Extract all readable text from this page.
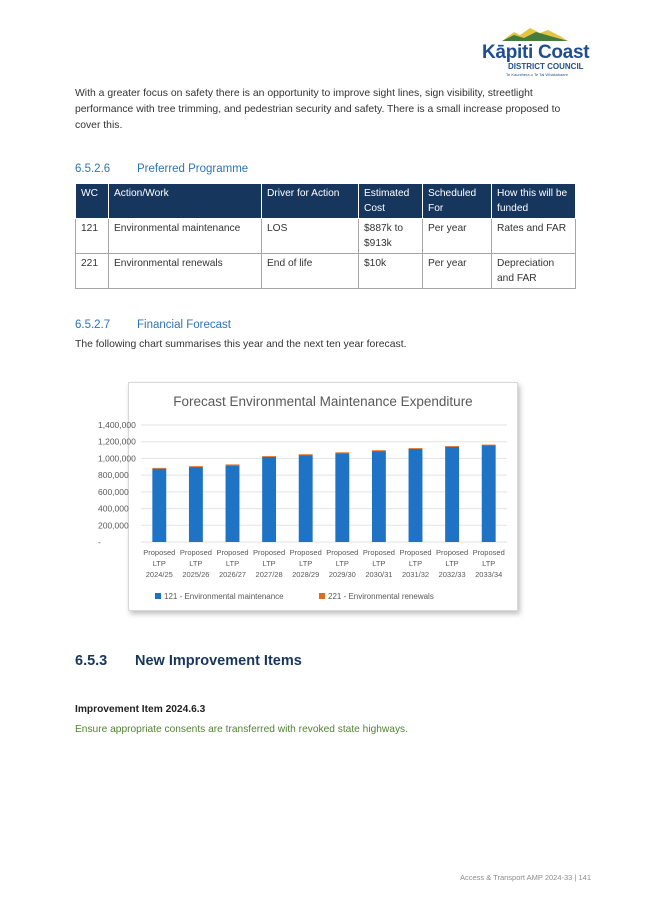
Kāpiti Coast
DISTRICT COUNCIL
Te Kaunihera o Te Tai Whakahaere
With a greater focus on safety there is an opportunity to improve sight lines, sign visibility, streetlight performance with tree trimming, and pedestrian security and safety. There is a small increase proposed to cover this.
6.5.2.6 Preferred Programme
WC	Action/Work	Driver for Action	Estimated Cost	Scheduled For	How this will be funded
121	Environmental maintenance	LOS	$887k to $913k	Per year	Rates and FAR
221	Environmental renewals	End of life	$10k	Per year	Depreciation and FAR
6.5.2.7 Financial Forecast
The following chart summarises this year and the next ten year forecast.
Forecast Environmental Maintenance Expenditure
-
200,000
400,000
600,000
800,000
1,000,000
1,200,000
1,400,000
Proposed
LTP
2024/25
Proposed
LTP
2025/26
Proposed
LTP
2026/27
Proposed
LTP
2027/28
Proposed
LTP
2028/29
Proposed
LTP
2029/30
Proposed
LTP
2030/31
Proposed
LTP
2031/32
Proposed
LTP
2032/33
Proposed
LTP
2033/34
121 - Environmental maintenance	221 - Environmental renewals
6.5.3 New Improvement Items
Improvement Item 2024.6.3
Ensure appropriate consents are transferred with revoked state highways.
Access & Transport AMP 2024-33 | 141
